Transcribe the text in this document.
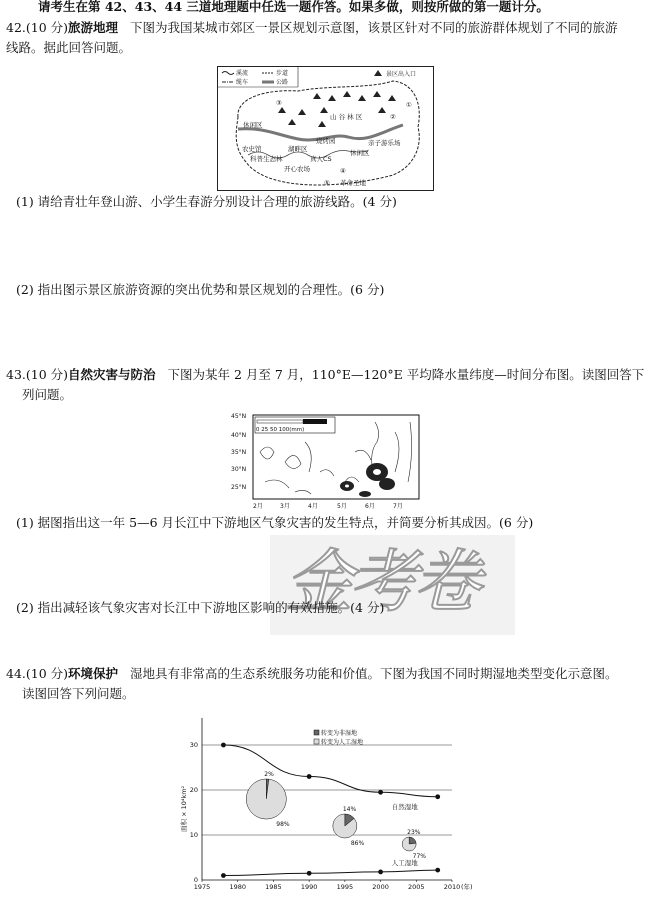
请考生在第 42、43、44 三道地理题中任选一题作答。如果多做，则按所做的第一题计分。
42.(10 分)旅游地理 下图为我国某城市郊区一景区规划示意图，该景区针对不同的旅游群体规划了不同的旅游
线路。据此回答问题。
溪流	步道
缆车	公路
景区出入口
休闲区
山 谷 林 区
农史馆	湖畔区
科普生态林
烧烤园
真人CS
亲子游乐场
休闲区
开心农场
革命圣地
①
②
③
④
⑤
(1) 请给青壮年登山游、小学生春游分别设计合理的旅游线路。(4 分)
(2) 指出图示景区旅游资源的突出优势和景区规划的合理性。(6 分)
43.(10 分)自然灾害与防治 下图为某年 2 月至 7 月，110°E—120°E 平均降水量纬度—时间分布图。读图回答下
列问题。
45°N
40°N
35°N
30°N
25°N
0 25 50 100(mm)
2月	3月	4月	5月	6月	7月
(1) 据图指出这一年 5—6 月长江中下游地区气象灾害的发生特点，并简要分析其成因。(6 分)
金考卷
(2) 指出减轻该气象灾害对长江中下游地区影响的有效措施。(4 分)
44.(10 分)环境保护 湿地具有非常高的生态系统服务功能和价值。下图为我国不同时期湿地类型变化示意图。
读图回答下列问题。
0
10
20
30
1975	1980	1985	1990	1995	2000	2005	2010 (年)
自然湿地
人工湿地
2%
98%
14%
86%
23%
77%
转变为非湿地
转变为人工湿地
面积 × 10⁴km²
